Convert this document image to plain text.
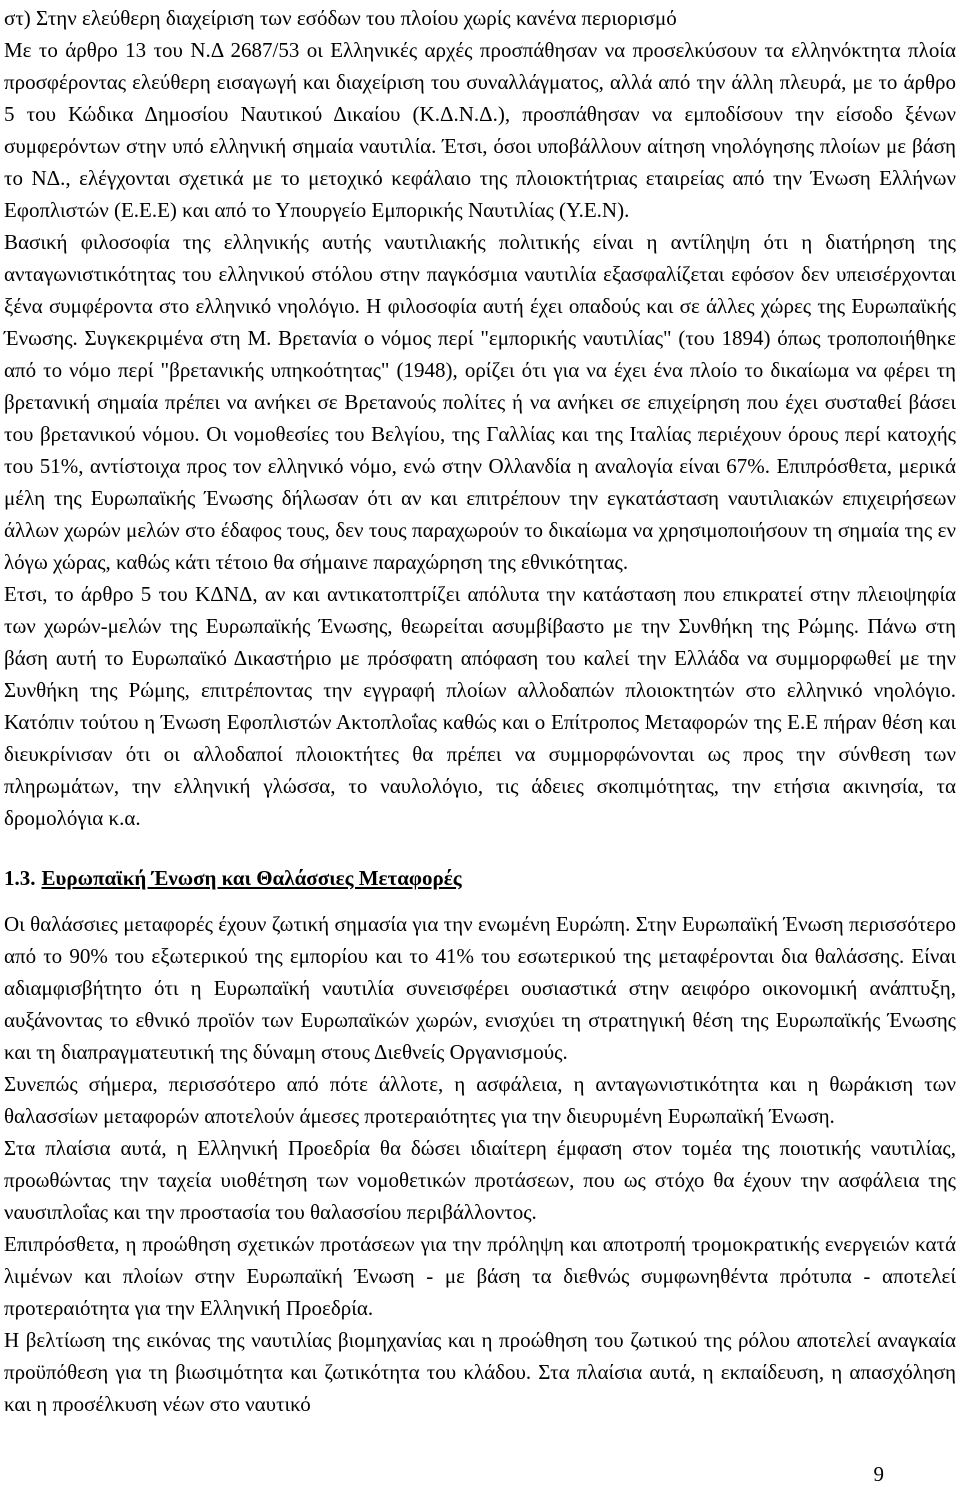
στ) Στην ελεύθερη διαχείριση των εσόδων του πλοίου χωρίς κανένα περιορισμό

Με το άρθρο 13 του Ν.Δ 2687/53 οι Ελληνικές αρχές προσπάθησαν να προσελκύσουν τα ελληνόκτητα πλοία προσφέροντας ελεύθερη εισαγωγή και διαχείριση του συναλλάγματος, αλλά από την άλλη πλευρά, με το άρθρο 5 του Κώδικα Δημοσίου Ναυτικού Δικαίου (Κ.Δ.Ν.Δ.), προσπάθησαν να εμποδίσουν την είσοδο ξένων συμφερόντων στην υπό ελληνική σημαία ναυτιλία. Έτσι, όσοι υποβάλλουν αίτηση νηολόγησης πλοίων με βάση το ΝΔ., ελέγχονται σχετικά με το μετοχικό κεφάλαιο της πλοιοκτήτριας εταιρείας από την Ένωση Ελλήνων Εφοπλιστών (Ε.Ε.Ε) και από το Υπουργείο Εμπορικής Ναυτιλίας (Υ.Ε.Ν).

Βασική φιλοσοφία της ελληνικής αυτής ναυτιλιακής πολιτικής είναι η αντίληψη ότι η διατήρηση της ανταγωνιστικότητας του ελληνικού στόλου στην παγκόσμια ναυτιλία εξασφαλίζεται εφόσον δεν υπεισέρχονται ξένα συμφέροντα στο ελληνικό νηολόγιο. Η φιλοσοφία αυτή έχει οπαδούς και σε άλλες χώρες της Ευρωπαϊκής Ένωσης. Συγκεκριμένα στη Μ. Βρετανία ο νόμος περί "εμπορικής ναυτιλίας" (του 1894) όπως τροποποιήθηκε από το νόμο περί "βρετανικής υπηκοότητας" (1948), ορίζει ότι για να έχει ένα πλοίο το δικαίωμα να φέρει τη βρετανική σημαία πρέπει να ανήκει σε Βρετανούς πολίτες ή να ανήκει σε επιχείρηση που έχει συσταθεί βάσει του βρετανικού νόμου. Οι νομοθεσίες του Βελγίου, της Γαλλίας και της Ιταλίας περιέχουν όρους περί κατοχής του 51%, αντίστοιχα προς τον ελληνικό νόμο, ενώ στην Ολλανδία η αναλογία είναι 67%. Επιπρόσθετα, μερικά μέλη της Ευρωπαϊκής Ένωσης δήλωσαν ότι αν και επιτρέπουν την εγκατάσταση ναυτιλιακών επιχειρήσεων άλλων χωρών μελών στο έδαφος τους, δεν τους παραχωρούν το δικαίωμα να χρησιμοποιήσουν τη σημαία της εν λόγω χώρας, καθώς κάτι τέτοιο θα σήμαινε παραχώρηση της εθνικότητας.

Ετσι, το άρθρο 5 του ΚΔΝΔ, αν και αντικατοπτρίζει απόλυτα την κατάσταση που επικρατεί στην πλειοψηφία των χωρών-μελών της Ευρωπαϊκής Ένωσης, θεωρείται ασυμβίβαστο με την Συνθήκη της Ρώμης. Πάνω στη βάση αυτή το Ευρωπαϊκό Δικαστήριο με πρόσφατη απόφαση του καλεί την Ελλάδα να συμμορφωθεί με την Συνθήκη της Ρώμης, επιτρέποντας την εγγραφή πλοίων αλλοδαπών πλοιοκτητών στο ελληνικό νηολόγιο. Κατόπιν τούτου η Ένωση Εφοπλιστών Ακτοπλοΐας καθώς και ο Επίτροπος Μεταφορών της Ε.Ε πήραν θέση και διευκρίνισαν ότι οι αλλοδαποί πλοιοκτήτες θα πρέπει να συμμορφώνονται ως προς την σύνθεση των πληρωμάτων, την ελληνική γλώσσα, το ναυλολόγιο, τις άδειες σκοπιμότητας, την ετήσια ακινησία, τα δρομολόγια κ.α.

1.3. Ευρωπαϊκή Ένωση και Θαλάσσιες Μεταφορές

Οι θαλάσσιες μεταφορές έχουν ζωτική σημασία για την ενωμένη Ευρώπη. Στην Ευρωπαϊκή Ένωση περισσότερο από το 90% του εξωτερικού της εμπορίου και το 41% του εσωτερικού της μεταφέρονται δια θαλάσσης. Είναι αδιαμφισβήτητο ότι η Ευρωπαϊκή ναυτιλία συνεισφέρει ουσιαστικά στην αειφόρο οικονομική ανάπτυξη, αυξάνοντας το εθνικό προϊόν των Ευρωπαϊκών χωρών, ενισχύει τη στρατηγική θέση της Ευρωπαϊκής Ένωσης και τη διαπραγματευτική της δύναμη στους Διεθνείς Οργανισμούς.

Συνεπώς σήμερα, περισσότερο από πότε άλλοτε, η ασφάλεια, η ανταγωνιστικότητα και η θωράκιση των θαλασσίων μεταφορών αποτελούν άμεσες προτεραιότητες για την διευρυμένη Ευρωπαϊκή Ένωση.

Στα πλαίσια αυτά, η Ελληνική Προεδρία θα δώσει ιδιαίτερη έμφαση στον τομέα της ποιοτικής ναυτιλίας, προωθώντας την ταχεία υιοθέτηση των νομοθετικών προτάσεων, που ως στόχο θα έχουν την ασφάλεια της ναυσιπλοΐας και την προστασία του θαλασσίου περιβάλλοντος.

Επιπρόσθετα, η προώθηση σχετικών προτάσεων για την πρόληψη και αποτροπή τρομοκρατικής ενεργειών κατά λιμένων και πλοίων στην Ευρωπαϊκή Ένωση - με βάση τα διεθνώς συμφωνηθέντα πρότυπα - αποτελεί προτεραιότητα για την Ελληνική Προεδρία.

Η βελτίωση της εικόνας της ναυτιλίας βιομηχανίας και η προώθηση του ζωτικού της ρόλου αποτελεί αναγκαία προϋπόθεση για τη βιωσιμότητα και ζωτικότητα του κλάδου. Στα πλαίσια αυτά, η εκπαίδευση, η απασχόληση και η προσέλκυση νέων στο ναυτικό

9
